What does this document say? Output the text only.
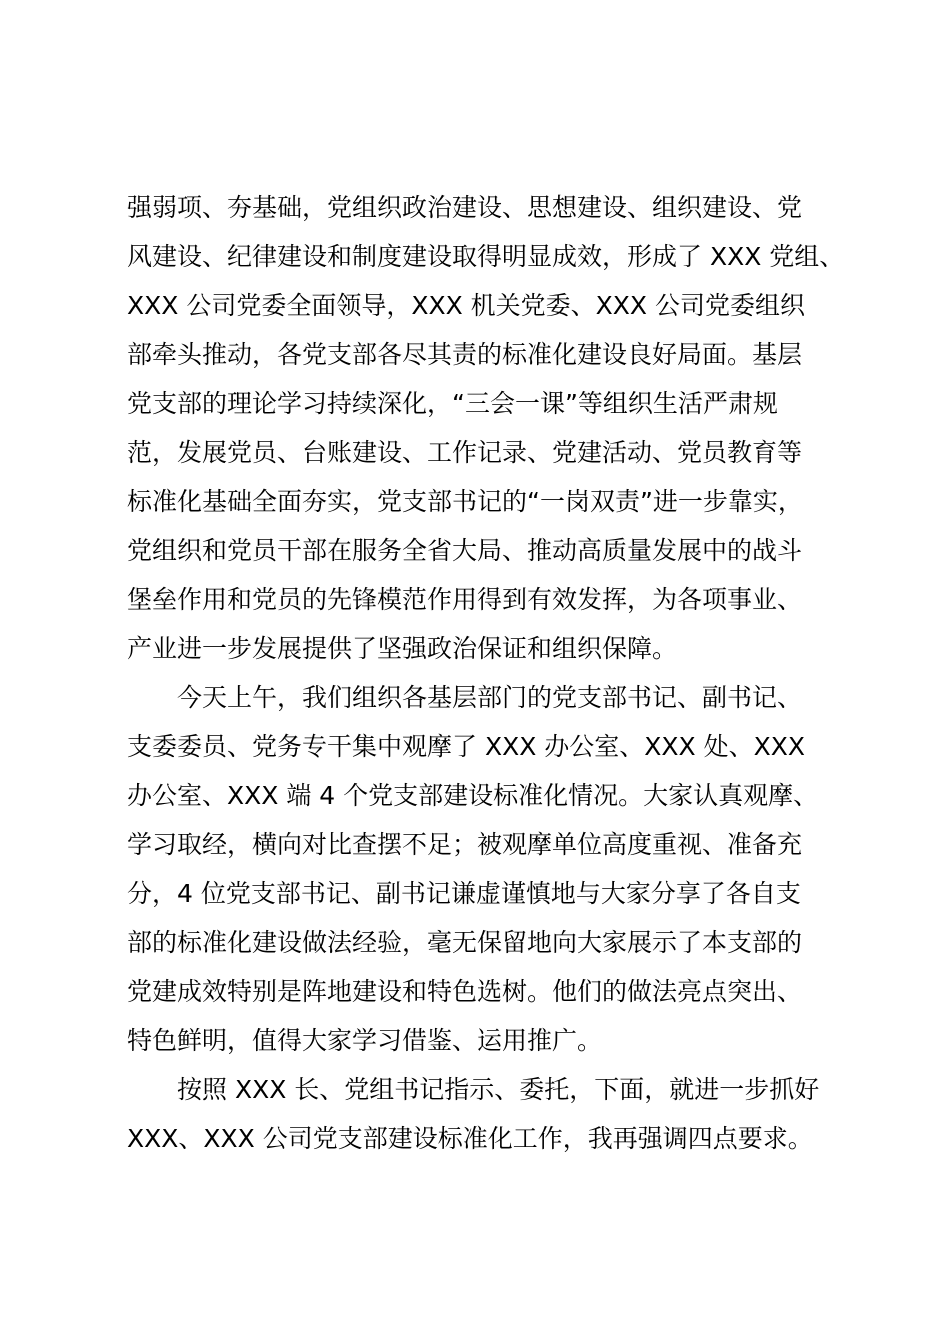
强弱项、夯基础，党组织政治建设、思想建设、组织建设、党
风建设、纪律建设和制度建设取得明显成效，形成了 XXX 党组、
XXX 公司党委全面领导，XXX 机关党委、XXX 公司党委组织
部牵头推动，各党支部各尽其责的标准化建设良好局面。基层
党支部的理论学习持续深化，“三会一课”等组织生活严肃规
范，发展党员、台账建设、工作记录、党建活动、党员教育等
标准化基础全面夯实，党支部书记的“一岗双责”进一步靠实，
党组织和党员干部在服务全省大局、推动高质量发展中的战斗
堡垒作用和党员的先锋模范作用得到有效发挥，为各项事业、
产业进一步发展提供了坚强政治保证和组织保障。
今天上午，我们组织各基层部门的党支部书记、副书记、
支委委员、党务专干集中观摩了 XXX 办公室、XXX 处、XXX
办公室、XXX 端 4 个党支部建设标准化情况。大家认真观摩、
学习取经，横向对比查摆不足；被观摩单位高度重视、准备充
分，4 位党支部书记、副书记谦虚谨慎地与大家分享了各自支
部的标准化建设做法经验，毫无保留地向大家展示了本支部的
党建成效特别是阵地建设和特色选树。他们的做法亮点突出、
特色鲜明，值得大家学习借鉴、运用推广。
按照 XXX 长、党组书记指示、委托，下面，就进一步抓好
XXX、XXX 公司党支部建设标准化工作，我再强调四点要求。
